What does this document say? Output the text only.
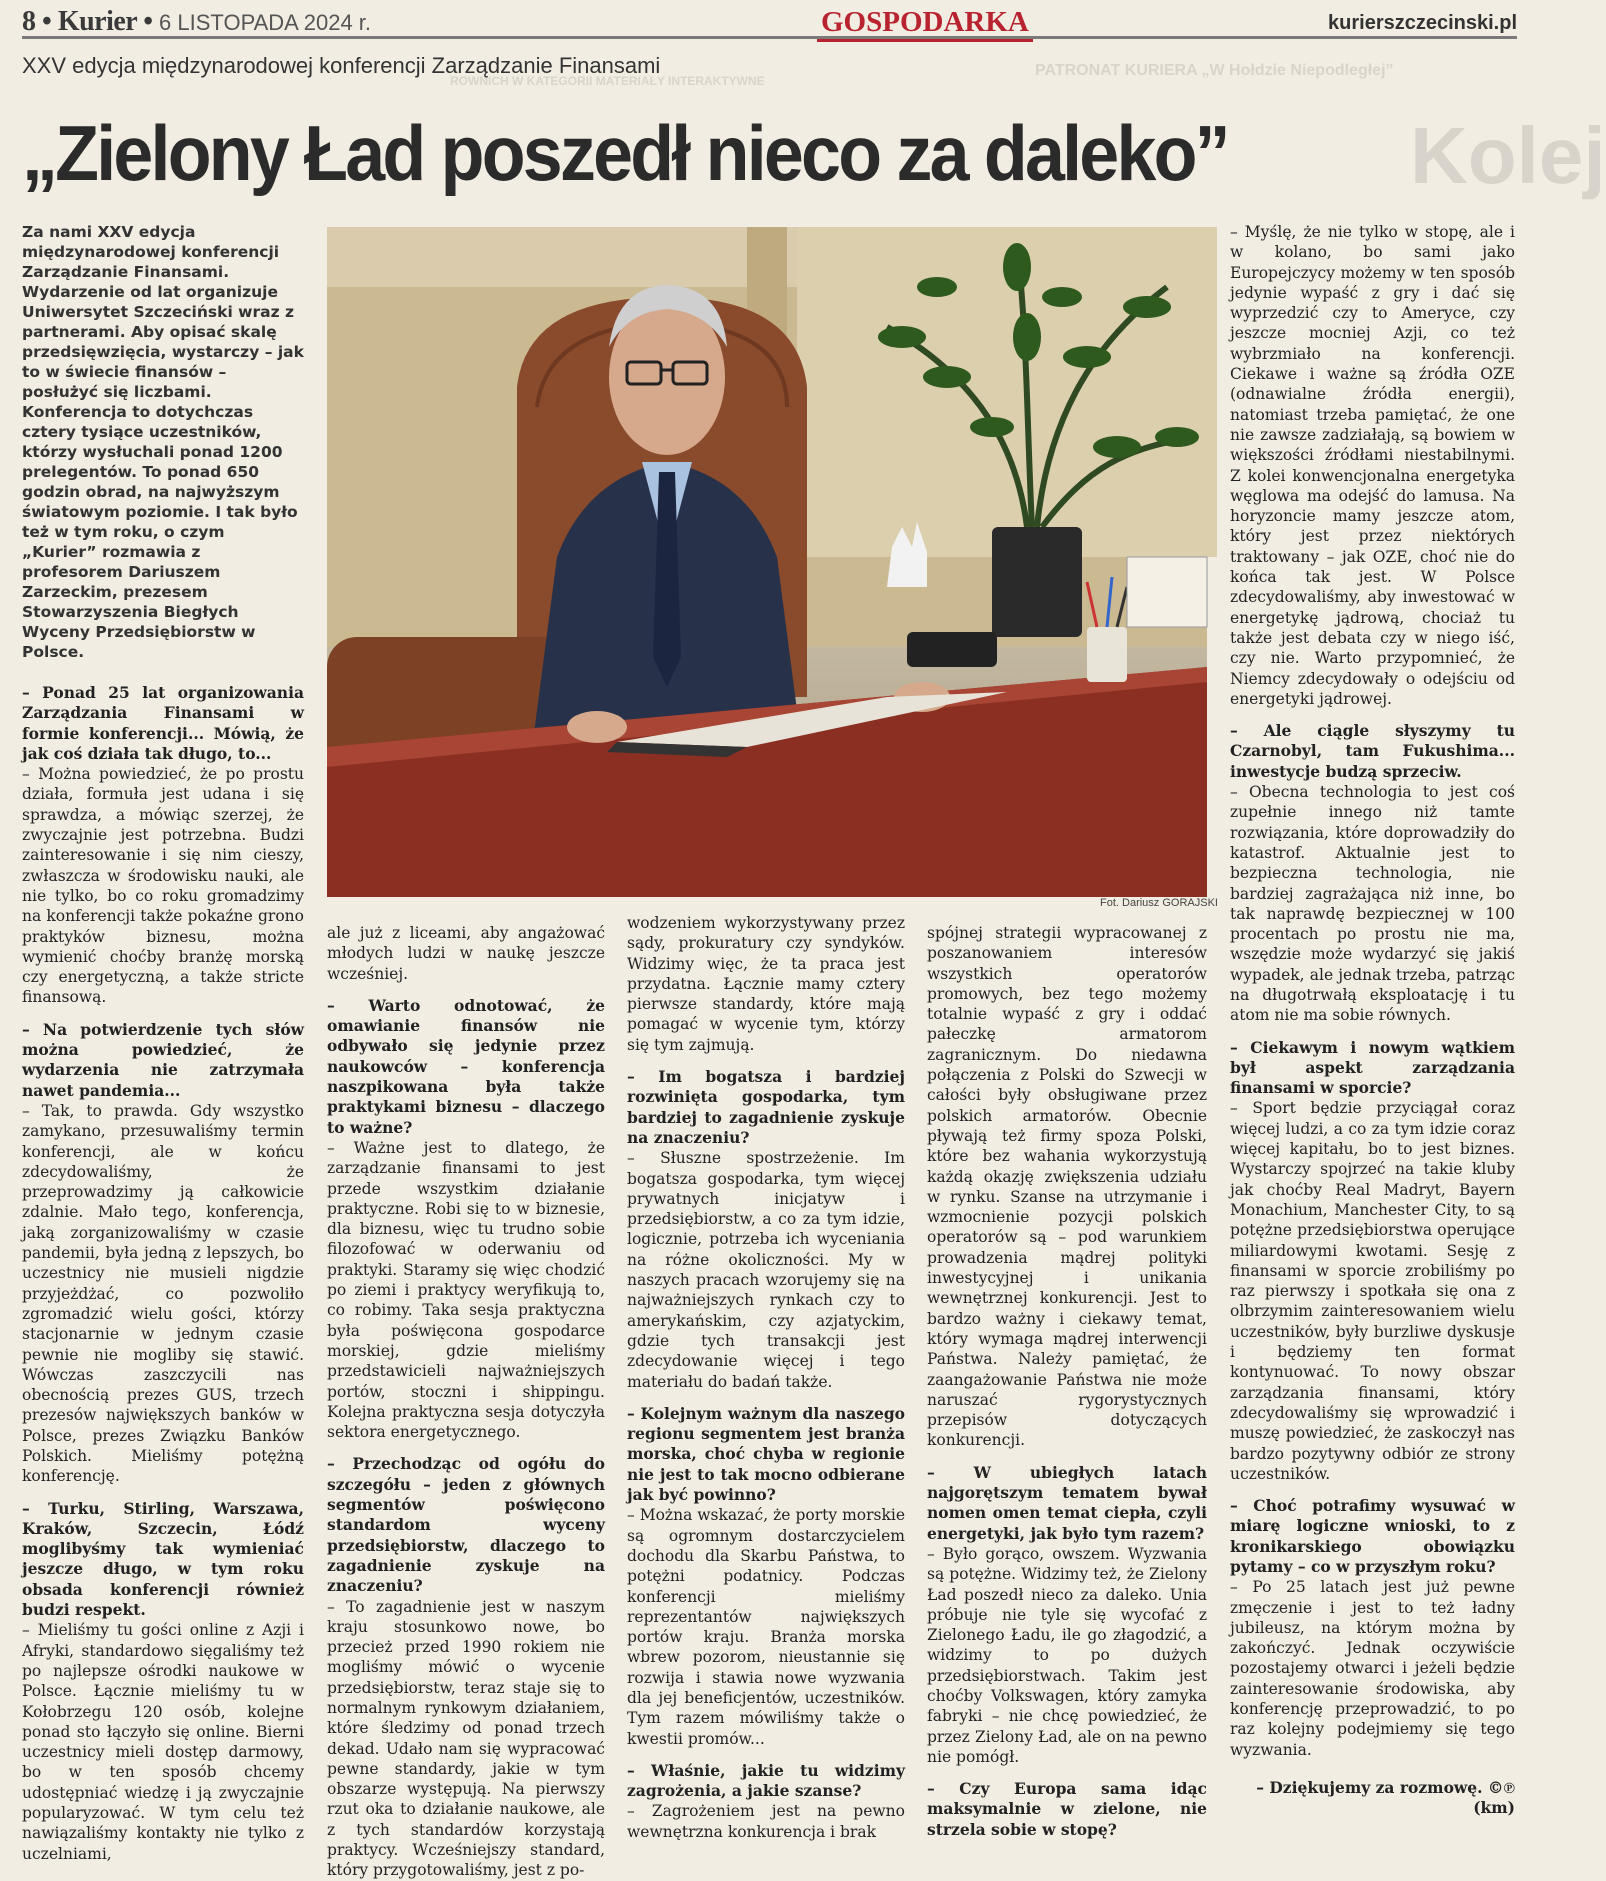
8 • Kurier • 6 LISTOPADA 2024 r.	GOSPODARKA	kurierszczecinski.pl
PATRONAT KURIERA „W Hołdzie Niepodległej”
ROWNICH W KATEGORII MATERIAŁY INTERAKTYWNE
Kolej
XXV edycja międzynarodowej konferencji Zarządzanie Finansami
„Zielony Ład poszedł nieco za daleko”
Za nami XXV edycja międzynarodowej konferencji Zarządzanie Finansami. Wydarzenie od lat organizuje Uniwersytet Szczeciński wraz z partnerami. Aby opisać skalę przedsięwzięcia, wystarczy – jak to w świecie finansów – posłużyć się liczbami. Konferencja to dotychczas cztery tysiące uczestników, którzy wysłuchali ponad 1200 prelegentów. To ponad 650 godzin obrad, na najwyższym światowym poziomie. I tak było też w tym roku, o czym „Kurier” rozmawia z profesorem Dariuszem Zarzeckim, prezesem Stowarzyszenia Biegłych Wyceny Przedsiębiorstw w Polsce.
Fot. Dariusz GORAJSKI

– Ponad 25 lat organizowania Zarządzania Finansami w formie konferencji... Mówią, że jak coś działa tak długo, to...

– Można powiedzieć, że po prostu działa, formuła jest udana i się sprawdza, a mówiąc szerzej, że zwyczajnie jest potrzebna. Budzi zainteresowanie i się nim cieszy, zwłaszcza w środowisku nauki, ale nie tylko, bo co roku gromadzimy na konferencji także pokaźne grono praktyków biznesu, można wymienić choćby branżę morską czy energetyczną, a także stricte finansową.

– Na potwierdzenie tych słów można powiedzieć, że wydarzenia nie zatrzymała nawet pandemia...

– Tak, to prawda. Gdy wszystko zamykano, przesuwaliśmy termin konferencji, ale w końcu zdecydowaliśmy, że przeprowadzimy ją całkowicie zdalnie. Mało tego, konferencja, jaką zorganizowaliśmy w czasie pandemii, była jedną z lepszych, bo uczestnicy nie musieli nigdzie przyjeżdżać, co pozwoliło zgromadzić wielu gości, którzy stacjonarnie w jednym czasie pewnie nie mogliby się stawić. Wówczas zaszczycili nas obecnością prezes GUS, trzech prezesów największych banków w Polsce, prezes Związku Banków Polskich. Mieliśmy potężną konferencję.

– Turku, Stirling, Warszawa, Kraków, Szczecin, Łódź moglibyśmy tak wymieniać jeszcze długo, w tym roku obsada konferencji również budzi respekt.

– Mieliśmy tu gości online z Azji i Afryki, standardowo sięgaliśmy też po najlepsze ośrodki naukowe w Polsce. Łącznie mieliśmy tu w Kołobrzegu 120 osób, kolejne ponad sto łączyło się online. Bierni uczestnicy mieli dostęp darmowy, bo w ten sposób chcemy udostępniać wiedzę i ją zwyczajnie popularyzować. W tym celu też nawiązaliśmy kontakty nie tylko z uczelniami,

ale już z liceami, aby angażować młodych ludzi w naukę jeszcze wcześniej.

– Warto odnotować, że omawianie finansów nie odbywało się jedynie przez naukowców – konferencja naszpikowana była także praktykami biznesu – dlaczego to ważne?

– Ważne jest to dlatego, że zarządzanie finansami to jest przede wszystkim działanie praktyczne. Robi się to w biznesie, dla biznesu, więc tu trudno sobie filozofować w oderwaniu od praktyki. Staramy się więc chodzić po ziemi i praktycy weryfikują to, co robimy. Taka sesja praktyczna była poświęcona gospodarce morskiej, gdzie mieliśmy przedstawicieli najważniejszych portów, stoczni i shippingu. Kolejna praktyczna sesja dotyczyła sektora energetycznego.

– Przechodząc od ogółu do szczegółu – jeden z głównych segmentów poświęcono standardom wyceny przedsiębiorstw, dlaczego to zagadnienie zyskuje na znaczeniu?

– To zagadnienie jest w naszym kraju stosunkowo nowe, bo przecież przed 1990 rokiem nie mogliśmy mówić o wycenie przedsiębiorstw, teraz staje się to normalnym rynkowym działaniem, które śledzimy od ponad trzech dekad. Udało nam się wypracować pewne standardy, jakie w tym obszarze występują. Na pierwszy rzut oka to działanie naukowe, ale z tych standardów korzystają praktycy. Wcześniejszy standard, który przygotowaliśmy, jest z po-

wodzeniem wykorzystywany przez sądy, prokuratury czy syndyków. Widzimy więc, że ta praca jest przydatna. Łącznie mamy cztery pierwsze standardy, które mają pomagać w wycenie tym, którzy się tym zajmują.

– Im bogatsza i bardziej rozwinięta gospodarka, tym bardziej to zagadnienie zyskuje na znaczeniu?

– Słuszne spostrzeżenie. Im bogatsza gospodarka, tym więcej prywatnych inicjatyw i przedsiębiorstw, a co za tym idzie, logicznie, potrzeba ich wyceniania na różne okoliczności. My w naszych pracach wzorujemy się na najważniejszych rynkach czy to amerykańskim, czy azjatyckim, gdzie tych transakcji jest zdecydowanie więcej i tego materiału do badań także.

– Kolejnym ważnym dla naszego regionu segmentem jest branża morska, choć chyba w regionie nie jest to tak mocno odbierane jak być powinno?

– Można wskazać, że porty morskie są ogromnym dostarczycielem dochodu dla Skarbu Państwa, to potężni podatnicy. Podczas konferencji mieliśmy reprezentantów największych portów kraju. Branża morska wbrew pozorom, nieustannie się rozwija i stawia nowe wyzwania dla jej beneficjentów, uczestników. Tym razem mówiliśmy także o kwestii promów...

– Właśnie, jakie tu widzimy zagrożenia, a jakie szanse?

– Zagrożeniem jest na pewno wewnętrzna konkurencja i brak

spójnej strategii wypracowanej z poszanowaniem interesów wszystkich operatorów promowych, bez tego możemy totalnie wypaść z gry i oddać pałeczkę armatorom zagranicznym. Do niedawna połączenia z Polski do Szwecji w całości były obsługiwane przez polskich armatorów. Obecnie pływają też firmy spoza Polski, które bez wahania wykorzystują każdą okazję zwiększenia udziału w rynku. Szanse na utrzymanie i wzmocnienie pozycji polskich operatorów są – pod warunkiem prowadzenia mądrej polityki inwestycyjnej i unikania wewnętrznej konkurencji. Jest to bardzo ważny i ciekawy temat, który wymaga mądrej interwencji Państwa. Należy pamiętać, że zaangażowanie Państwa nie może naruszać rygorystycznych przepisów dotyczących konkurencji.

– W ubiegłych latach najgorętszym tematem bywał nomen omen temat ciepła, czyli energetyki, jak było tym razem?

– Było gorąco, owszem. Wyzwania są potężne. Widzimy też, że Zielony Ład poszedł nieco za daleko. Unia próbuje nie tyle się wycofać z Zielonego Ładu, ile go złagodzić, a widzimy to po dużych przedsiębiorstwach. Takim jest choćby Volkswagen, który zamyka fabryki – nie chcę powiedzieć, że przez Zielony Ład, ale on na pewno nie pomógł.

– Czy Europa sama idąc maksymalnie w zielone, nie strzela sobie w stopę?

– Myślę, że nie tylko w stopę, ale i w kolano, bo sami jako Europejczycy możemy w ten sposób jedynie wypaść z gry i dać się wyprzedzić czy to Ameryce, czy jeszcze mocniej Azji, co też wybrzmiało na konferencji. Ciekawe i ważne są źródła OZE (odnawialne źródła energii), natomiast trzeba pamiętać, że one nie zawsze zadziałają, są bowiem w większości źródłami niestabilnymi. Z kolei konwencjonalna energetyka węglowa ma odejść do lamusa. Na horyzoncie mamy jeszcze atom, który jest przez niektórych traktowany – jak OZE, choć nie do końca tak jest. W Polsce zdecydowaliśmy, aby inwestować w energetykę jądrową, chociaż tu także jest debata czy w niego iść, czy nie. Warto przypomnieć, że Niemcy zdecydowały o odejściu od energetyki jądrowej.

– Ale ciągle słyszymy tu Czarnobyl, tam Fukushima... inwestycje budzą sprzeciw.

– Obecna technologia to jest coś zupełnie innego niż tamte rozwiązania, które doprowadziły do katastrof. Aktualnie jest to bezpieczna technologia, nie bardziej zagrażająca niż inne, bo tak naprawdę bezpiecznej w 100 procentach po prostu nie ma, wszędzie może wydarzyć się jakiś wypadek, ale jednak trzeba, patrząc na długotrwałą eksploatację i tu atom nie ma sobie równych.

– Ciekawym i nowym wątkiem był aspekt zarządzania finansami w sporcie?

– Sport będzie przyciągał coraz więcej ludzi, a co za tym idzie coraz więcej kapitału, bo to jest biznes. Wystarczy spojrzeć na takie kluby jak choćby Real Madryt, Bayern Monachium, Manchester City, to są potężne przedsiębiorstwa operujące miliardowymi kwotami. Sesję z finansami w sporcie zrobiliśmy po raz pierwszy i spotkała się ona z olbrzymim zainteresowaniem wielu uczestników, były burzliwe dyskusje i będziemy ten format kontynuować. To nowy obszar zarządzania finansami, który zdecydowaliśmy się wprowadzić i muszę powiedzieć, że zaskoczył nas bardzo pozytywny odbiór ze strony uczestników.

– Choć potrafimy wysuwać w miarę logiczne wnioski, to z kronikarskiego obowiązku pytamy – co w przyszłym roku?

– Po 25 latach jest już pewne zmęczenie i jest to też ładny jubileusz, na którym można by zakończyć. Jednak oczywiście pozostajemy otwarci i jeżeli będzie zainteresowanie środowiska, aby konferencję przeprowadzić, to po raz kolejny podejmiemy się tego wyzwania.

– Dziękujemy za rozmowę. ©℗ (km)
